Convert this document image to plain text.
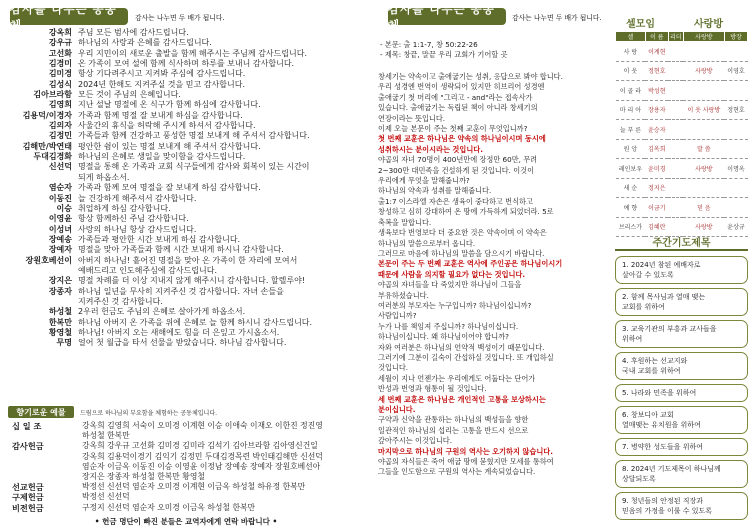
감사를 나누는 공동체	감사는 나누면 두 배가 됩니다.
강옥희 주님 모든 범사에 감사드립니다.
강우규 하나님의 사랑과 은혜를 감사드립니다.
고선화 우리 지민이의 새로운 출발을 함께 해주시는 주님께 감사드립니다.
김경미 온 가족이 모여 설에 함께 식사하며 하루를 보내니 감사합니다.
김미경 항상 기다려주시고 지켜봐 주심에 감사드립니다.
김성식 2024년 한해도 지켜주실 것을 믿고 감사합니다.
김아브라함 모든 것이 주님의 은혜입니다.
김영희 지난 설날 명절에 온 식구가 함께 하심에 감사합니다.
김용덕/이경자 가족과 함께 명절 잘 보내게 하심을 감사합니다.
김의자 사울간의 휴식을 허락해 주시게 하셔서 감사합니다.
김정민 가족들과 함께 건강하고 풍성한 명절 보내게 해 주셔서 감사합니다.
김해만/박연태 평안한 쉼이 있는 명절 보내게 해 주셔서 감사합니다.
두대김경화 하나님의 은혜로 생일을 맞이함을 감사드립니다.
신선덕 명절을 통해 온 가족과 교회 식구들에게 감사와 회복이 있는 시간이
되게 하옵소서.
염순자 가족과 함께 모여 명절을 잘 보내게 하심 감사합니다.
이동진 늘 건강하게 해주셔서 감사합니다.
이승 취업하게 하심 감사합니다.
이영윤 항상 함께하신 주님 감사합니다.
이성녀 사랑의 하나님 항상 감사드립니다.
장예송 가족들과 평안한 시간 보내게 하심 감사합니다.
장예자 명절을 맞아 가족들과 함께 시간 보내게 하시니 감사합니다.
장원호베선이 아버지 하나님! 흩어진 명절을 맞아 온 가족이 한 자리에 모여서
예배드리고 인도해주심에 감사드립니다.
장지은 명절 차례를 더 이상 지내지 않게 해주시니 감사합니다. 할렐루야!
장종자 하나님 일년을 무사히 지켜주신 것 감사합니다. 자녀 손들을
지켜주신 것 감사합니다.
하성철 2우러 헌금도 주님의 은혜로 살아가게 하옵소서.
한복만 하나님 아버지 온 가족을 위에 은혜로 늘 함께 하시니 감사드립니다.
황영철 하나님! 아버지 오는 새해에도 힘을 더 은잎고 가시옵소서.
무명 얼어 첫 월급을 타서 선물을 받았습니다. 하나님 감사합니다.
향기로운 예물	드림으로 하나님의 부요함을 체험하는 공동체입니다.
십 일 조	강옥희 김영희 서숙이 오미경 이계현 이승 이애숙 이재오 이한진 정진영
하성철 한복만
감사헌금	강옥희 강우규 고선화 김미경 김미라 김석기 김아브라함 김아영신건일
강옥희 김용덕이경기 김익기 김정민 두대김경목련 박인태김해만 신선덕
염순자 이금옥 이동진 이승 이영윤 이정남 장예송 장예자 장원호베선아
장지은 장종자 하성철 한복만 황영철
선교헌금	박정선 신선덕 염순자 오미경 이계현 이금옥 하성철 하유정 한복만
구제헌금	박정선 신선덕
비전헌금	구정지 신선덕 염순자 오미경 이금옥 하성철 한복만
• 헌금 명단이 빠진 분들은 교역자에게 연락 바랍니다 •
감사를 나누는 공동체	감사는 나누면 두 배가 됩니다.
- 본문: 출 1:1-7, 창 50:22-26
- 제목: 창끝, 말끝 우리 교회가 기어할 곳
창세기는 약속이고 출애굽기는 성취, 응답으로 봐야 합니다.
우리 성경엔 번역이 생략되어 있지만 히브리어 성경엔
출애굽기 첫 머리에 "그리고 - and"라는 접속사가
있습니다. 출애굽기는 독립된 책이 아니라 창세기의
연장이라는 뜻입니다.
이제 오늘 본문이 주는 첫째 교훈이 무엇입니까?
첫 번째 교훈은 하나님은 약속의 하나님이시며 동시에
성취하시는 분이시라는 것입니다.
야곱의 자녀 70명이 400년만에 장정만 60만, 무려
2~300만 대민족을 건설하게 된 것입니다. 이것이
우리에게 무엇을 말해줍니까?
하나님의 약속과 성취를 말해줍니다.
출1:7 이스라엘 자손은 생육이 중다하고 번식하고
창성하고 심히 강대하여 온 땅에 가득하게 되었더라. 5로
축복을 말합니다.
생육보다 번영보다 더 중요한 것은 약속이며 이 약속은
하나님의 말씀으로부터 옵니다.
그러므로 마음에 하나님의 말씀을 담으시기 바랍니다.
본문이 주는 두 번째 교훈은 역사에 주인공은 하나님이시기
때문에 사람을 의지할 필요가 없다는 것입니다.
야곱의 자녀들을 다 죽었지만 하나님이 그들을
부유하셨습니다.
여러분의 부모자는 누구입니까? 하나님이십니까?
사람입니까?
누가 나를 책임져 주십니까? 하나님이십니다.
하나님이십니다. 왜 하나님이어야 합니까?
자와 여러분은 하나님의 언약적 백성이기 때문입니다.
그러기에 그분이 길숙이 간섭하실 것입니다. 또 개입하실
것입니다.
세월이 지나 언젠가는 우리에게도 어둡다는 단어가
반성과 번영과 형통이 될 것입니다.
세 번째 교훈은 하나님은 개인적인 고통을 보상하시는
분이십니다.
구약과 신약을 관통하는 하나님의 백성들을 향한
일관적인 하나님의 섭리는 고통을 반드시 선으로
갚아주시는 이것입니다.
마지막으로 하나님의 구원의 역사는 오기하지 않습니다.
야곱의 자식들은 죽어 애굽 땅에 묻혔지만 모세를 통하여
그들을 인도함으로 구원의 역사는 계속되었습니다.
셀모임	사랑방
셀	이 름	리더	사랑방	방장
사 랑	이계현			
이 웃	정현호		사랑방	이영호
이 골 라	박성현			
마 리 아	장용자		이 웃 사랑방	정현호
늘 푸 른	윤승자			
원 앙	김옥희		말 씀	
레인보우	윤미경		사랑방	이명옥
새 순	정지은			
예 향	이금기		믿 음	
브리스가	김혜란		사랑방	윤상규
주간기도제목
1. 2024년 참된 예배자로
살아갈 수 있도록
2. 함께 목사님과 열매 맺는
교회를 위하여
3. 교육기관의 부흥과 교사들을
위하여
4. 후원하는 선교지와
국내 교회를 위하여
5. 나라와 민족을 위하여
6. 창보디아 교회
열매맺는 유치원을 위하여
7. 병약한 성도들을 위하여
8. 2024년 기도제목이 하나님께
상달되도록
9. 청년들의 안정된 직장과
믿음의 가정을 이룰 수 있도록
